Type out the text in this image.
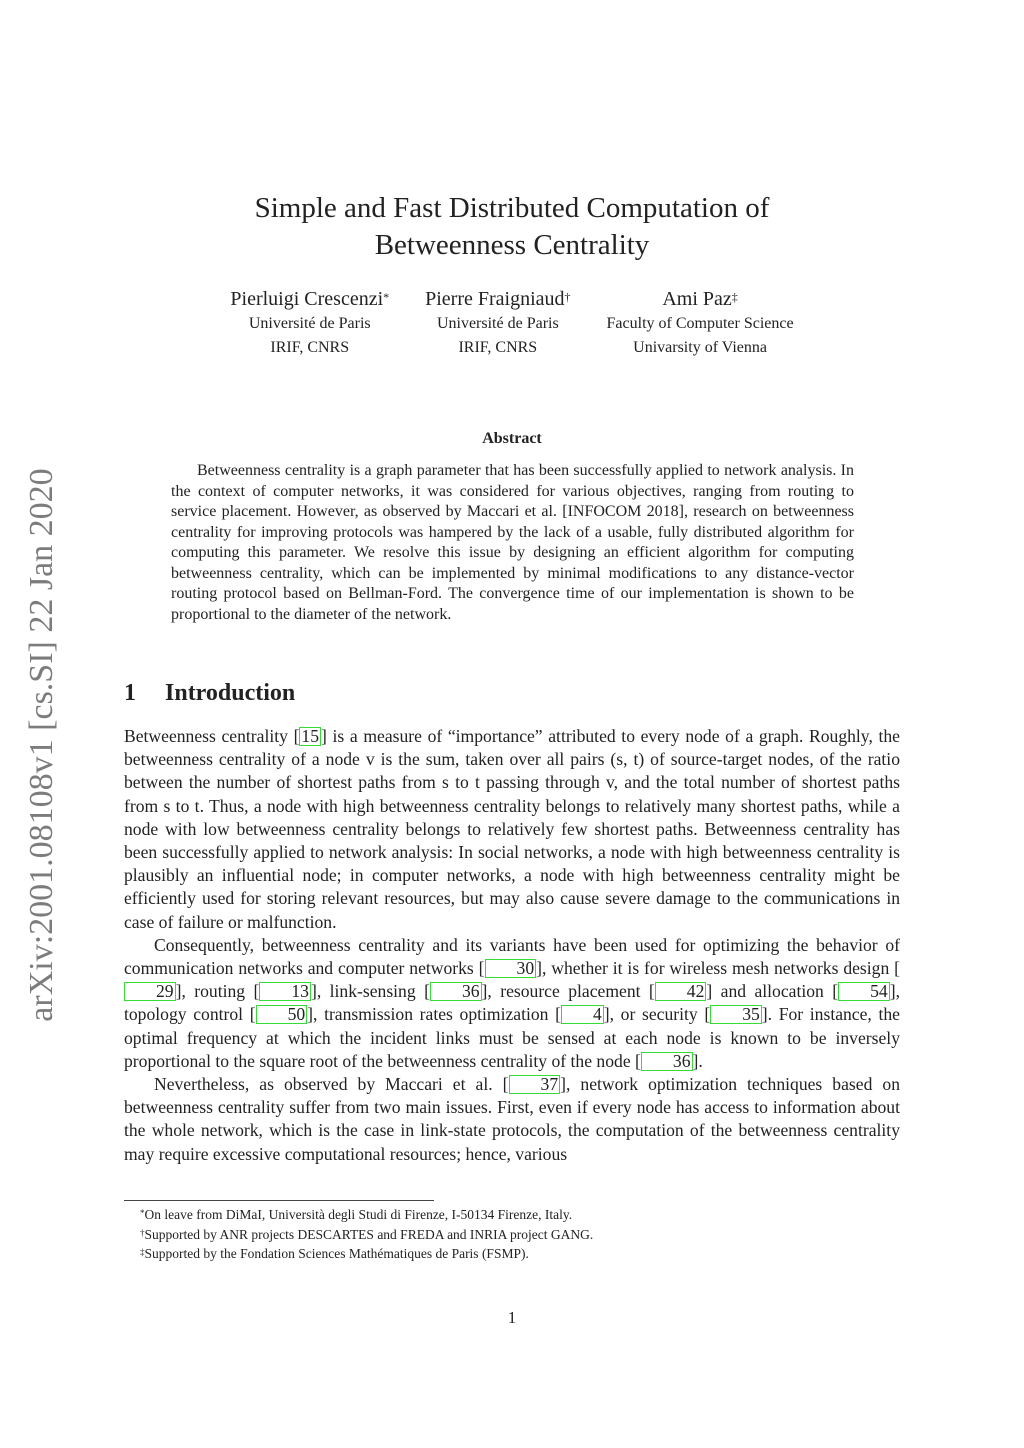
arXiv:2001.08108v1 [cs.SI] 22 Jan 2020
Simple and Fast Distributed Computation of
Betweenness Centrality
Pierluigi Crescenzi*
Université de Paris
IRIF, CNRS
Pierre Fraigniaud†
Université de Paris
IRIF, CNRS
Ami Paz‡
Faculty of Computer Science
Univarsity of Vienna
Abstract

Betweenness centrality is a graph parameter that has been successfully applied to network analysis. In the context of computer networks, it was considered for various objectives, ranging from routing to service placement. However, as observed by Maccari et al. [INFOCOM 2018], research on betweenness centrality for improving protocols was hampered by the lack of a usable, fully distributed algorithm for computing this parameter. We resolve this issue by designing an efficient algorithm for computing betweenness centrality, which can be implemented by minimal modifications to any distance-vector routing protocol based on Bellman-Ford. The convergence time of our implementation is shown to be proportional to the diameter of the network.

1 Introduction

Betweenness centrality [ 15 ] is a measure of “importance” attributed to every node of a graph. Roughly, the betweenness centrality of a node v is the sum, taken over all pairs (s, t) of source-target nodes, of the ratio between the number of shortest paths from s to t passing through v, and the total number of shortest paths from s to t. Thus, a node with high betweenness centrality belongs to relatively many shortest paths, while a node with low betweenness centrality belongs to relatively few shortest paths. Betweenness centrality has been successfully applied to network analysis: In social networks, a node with high betweenness centrality is plausibly an influential node; in computer networks, a node with high betweenness centrality might be efficiently used for storing relevant resources, but may also cause severe damage to the communications in case of failure or malfunction.

Consequently, betweenness centrality and its variants have been used for optimizing the behavior of communication networks and computer networks [ 30 ], whether it is for wireless mesh networks design [29 ], routing [ 13 ], link-sensing [ 36 ], resource placement [ 42 ] and allocation [ 54 ], topology control [ 50 ], transmission rates optimization [ 4 ], or security [ 35 ]. For instance, the optimal frequency at which the incident links must be sensed at each node is known to be inversely proportional to the square root of the betweenness centrality of the node [ 36 ].

Nevertheless, as observed by Maccari et al. [ 37 ], network optimization techniques based on betweenness centrality suffer from two main issues. First, even if every node has access to information about the whole network, which is the case in link-state protocols, the computation of the betweenness centrality may require excessive computational resources; hence, various

*On leave from DiMaI, Università degli Studi di Firenze, I-50134 Firenze, Italy.
†Supported by ANR projects DESCARTES and FREDA and INRIA project GANG.
‡Supported by the Fondation Sciences Mathématiques de Paris (FSMP).
1
